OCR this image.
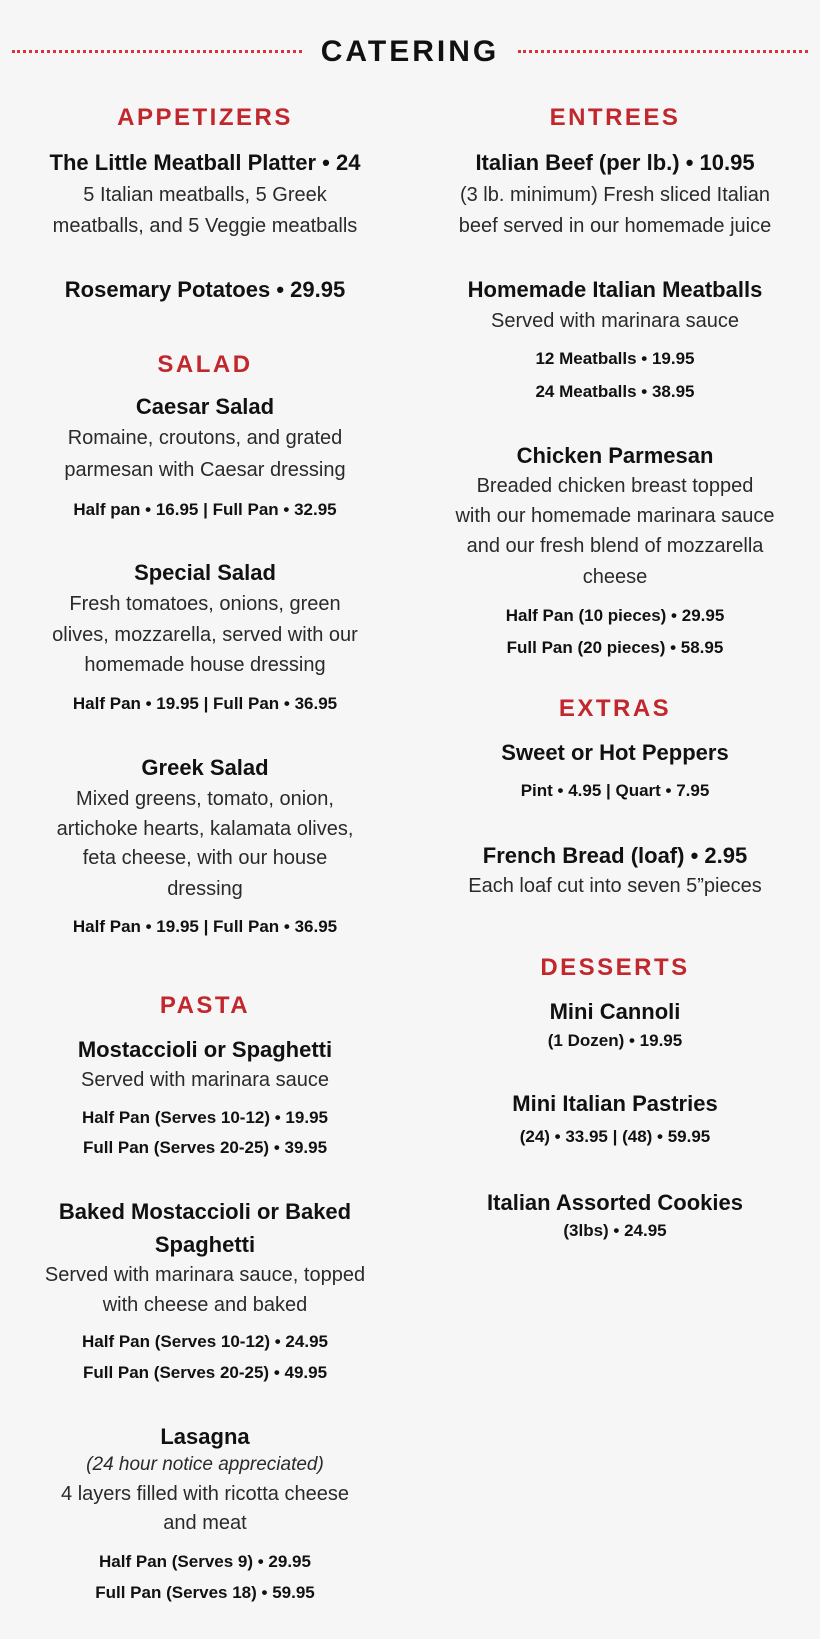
CATERING
APPETIZERS
The Little Meatball Platter • 24
5 Italian meatballs, 5 Greek
meatballs, and 5 Veggie meatballs
Rosemary Potatoes • 29.95
SALAD
Caesar Salad
Romaine, croutons, and grated
parmesan with Caesar dressing
Half pan • 16.95 | Full Pan • 32.95
Special Salad
Fresh tomatoes, onions, green
olives, mozzarella, served with our
homemade house dressing
Half Pan • 19.95 | Full Pan • 36.95
Greek Salad
Mixed greens, tomato, onion,
artichoke hearts, kalamata olives,
feta cheese, with our house
dressing
Half Pan • 19.95 | Full Pan • 36.95
PASTA
Mostaccioli or Spaghetti
Served with marinara sauce
Half Pan (Serves 10-12) • 19.95
Full Pan (Serves 20-25) • 39.95
Baked Mostaccioli or Baked
Spaghetti
Served with marinara sauce, topped
with cheese and baked
Half Pan (Serves 10-12) • 24.95
Full Pan (Serves 20-25) • 49.95
Lasagna
(24 hour notice appreciated)
4 layers filled with ricotta cheese
and meat
Half Pan (Serves 9) • 29.95
Full Pan (Serves 18) • 59.95
ENTREES
Italian Beef (per lb.) • 10.95
(3 lb. minimum) Fresh sliced Italian
beef served in our homemade juice
Homemade Italian Meatballs
Served with marinara sauce
12 Meatballs • 19.95
24 Meatballs • 38.95
Chicken Parmesan
Breaded chicken breast topped
with our homemade marinara sauce
and our fresh blend of mozzarella
cheese
Half Pan (10 pieces) • 29.95
Full Pan (20 pieces) • 58.95
EXTRAS
Sweet or Hot Peppers
Pint • 4.95 | Quart • 7.95
French Bread (loaf) • 2.95
Each loaf cut into seven 5”pieces
DESSERTS
Mini Cannoli
(1 Dozen) • 19.95
Mini Italian Pastries
(24) • 33.95 | (48) • 59.95
Italian Assorted Cookies
(3lbs) • 24.95
